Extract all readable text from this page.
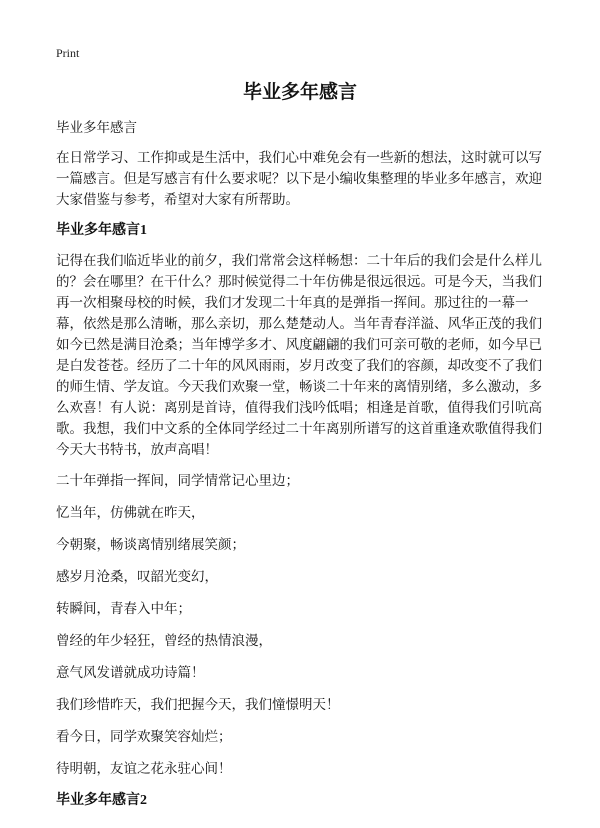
Print
毕业多年感言

毕业多年感言

在日常学习、工作抑或是生活中，我们心中难免会有一些新的想法，这时就可以写一篇感言。但是写感言有什么要求呢？以下是小编收集整理的毕业多年感言，欢迎大家借鉴与参考，希望对大家有所帮助。

毕业多年感言1

记得在我们临近毕业的前夕，我们常常会这样畅想：二十年后的我们会是什么样儿的？会在哪里？在干什么？那时候觉得二十年仿佛是很远很远。可是今天，当我们再一次相聚母校的时候，我们才发现二十年真的是弹指一挥间。那过往的一幕一幕，依然是那么清晰，那么亲切，那么楚楚动人。当年青春洋溢、风华正茂的我们如今已然是满目沧桑；当年博学多才、风度翩翩的我们可亲可敬的老师，如今早已是白发苍苍。经历了二十年的风风雨雨，岁月改变了我们的容颜，却改变不了我们的师生情、学友谊。今天我们欢聚一堂，畅谈二十年来的离情别绪，多么激动，多么欢喜！有人说：离别是首诗，值得我们浅吟低唱；相逢是首歌，值得我们引吭高歌。我想，我们中文系的全体同学经过二十年离别所谱写的这首重逢欢歌值得我们今天大书特书，放声高唱！

二十年弹指一挥间，同学情常记心里边；

忆当年，仿佛就在昨天，

今朝聚，畅谈离情别绪展笑颜；

感岁月沧桑，叹韶光变幻，

转瞬间，青春入中年；

曾经的年少轻狂，曾经的热情浪漫，

意气风发谱就成功诗篇！

我们珍惜昨天，我们把握今天，我们憧憬明天！

看今日，同学欢聚笑容灿烂；

待明朝，友谊之花永驻心间！

毕业多年感言2
